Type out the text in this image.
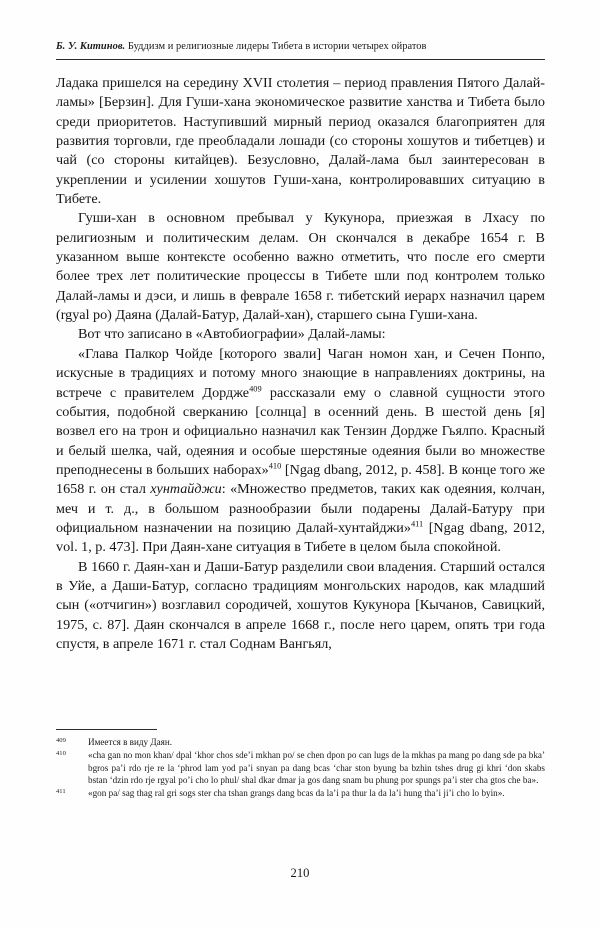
Б. У. Китинов. Буддизм и религиозные лидеры Тибета в истории четырех ойратов

Ладака пришелся на середину XVII столетия – период правления Пятого Далай-ламы» [Берзин]. Для Гуши-хана экономическое развитие ханства и Тибета было среди приоритетов. Наступивший мирный период оказался благоприятен для развития торговли, где преобладали лошади (со стороны хошутов и тибетцев) и чай (со стороны китайцев). Безусловно, Далай-лама был заинтересован в укреплении и усилении хошутов Гуши-хана, контролировавших ситуацию в Тибете.

Гуши-хан в основном пребывал у Кукунора, приезжая в Лхасу по религиозным и политическим делам. Он скончался в декабре 1654 г. В указанном выше контексте особенно важно отметить, что после его смерти более трех лет политические процессы в Тибете шли под контролем только Далай-ламы и дэси, и лишь в феврале 1658 г. тибетский иерарх назначил царем (rgyal po) Даяна (Далай-Батур, Далай-хан), старшего сына Гуши-хана.

Вот что записано в «Автобиографии» Далай-ламы:

«Глава Палкор Чойде [которого звали] Чаган номон хан, и Сечен Понпо, искусные в традициях и потому много знающие в направлениях доктрины, на встрече с правителем Дордже$^{409}$ рассказали ему о славной сущности этого события, подобной сверканию [солнца] в осенний день. В шестой день [я] возвел его на трон и официально назначил как Тензин Дордже Гьялпо. Красный и белый шелка, чай, одеяния и особые шерстяные одеяния были во множестве преподнесены в больших наборах»$^{410}$ [Ngag dbang, 2012, p. 458]. В конце того же 1658 г. он стал хунтайджи: «Множество предметов, таких как одеяния, колчан, меч и т. д., в большом разнообразии были подарены Далай-Батуру при официальном назначении на позицию Далай-хунтайджи»$^{411}$ [Ngag dbang, 2012, vol. 1, p. 473]. При Даян-хане ситуация в Тибете в целом была спокойной.

В 1660 г. Даян-хан и Даши-Батур разделили свои владения. Старший остался в Уйе, а Даши-Батур, согласно традициям монгольских народов, как младший сын («отчигин») возглавил сородичей, хошутов Кукунора [Кычанов, Савицкий, 1975, с. 87]. Даян скончался в апреле 1668 г., после него царем, опять три года спустя, в апреле 1671 г. стал Соднам Вангьял,

409 Имеется в виду Даян.
410 «cha gan no mon khan/ dpal ‘khor chos sde’i mkhan po/ se chen dpon po can lugs de la mkhas pa mang po dang sde pa bka’ bgros pa’i rdo rje re la ‘phrod lam yod pa’i snyan pa dang bcas ‘char ston byung ba bzhin tshes drug gi khri ‘don skabs bstan ‘dzin rdo rje rgyal po’i cho lo phul/ shal dkar dmar ja gos dang snam bu phung por spungs pa’i ster cha gtos che ba».
411 «gon pa/ sag thag ral gri sogs ster cha tshan grangs dang bcas da la’i pa thur la da la’i hung tha’i ji’i cho lo byin».
210
